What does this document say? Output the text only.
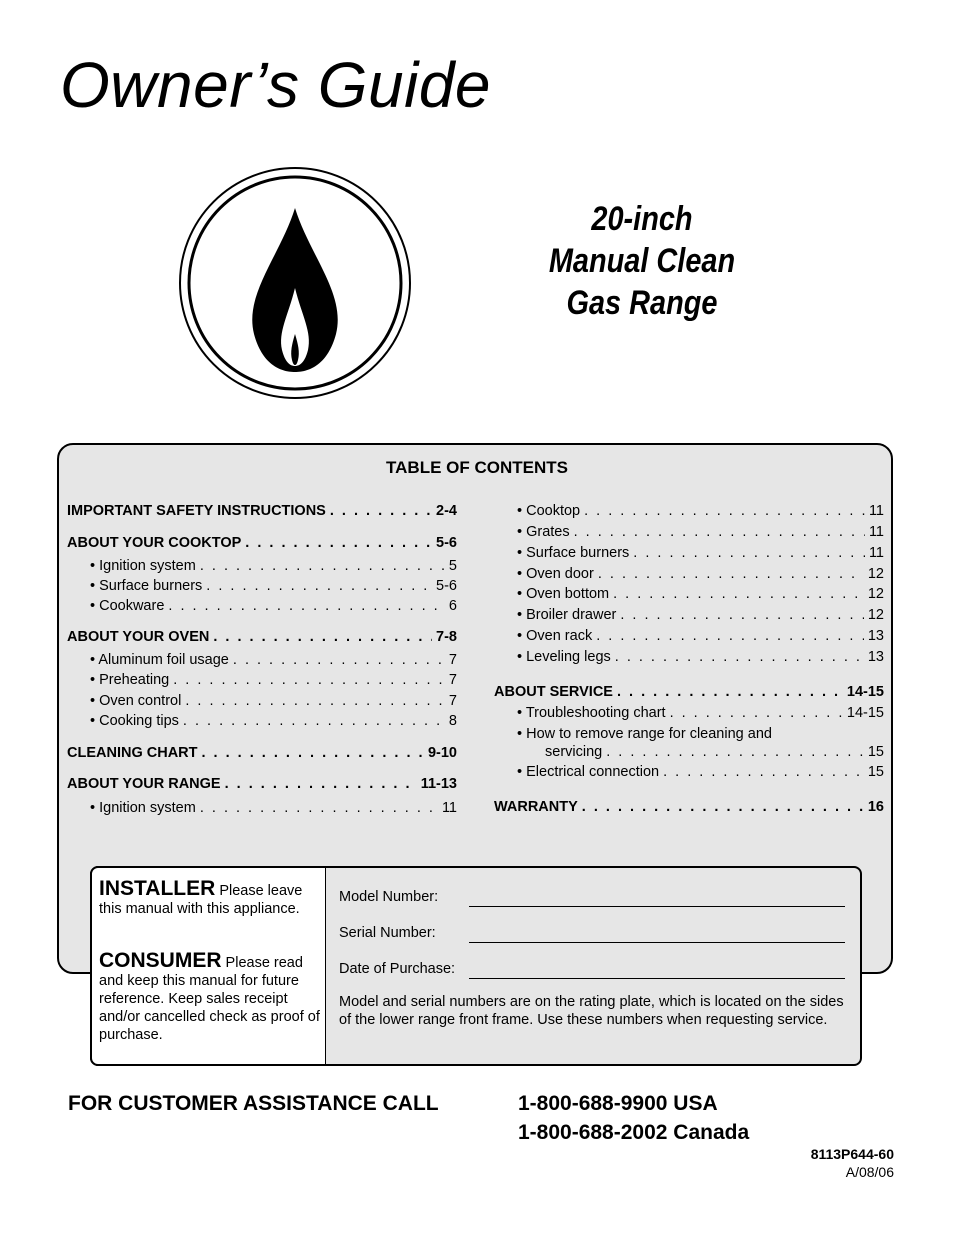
Owner’s Guide
20-inch
Manual Clean
Gas Range
TABLE OF CONTENTS
IMPORTANT SAFETY INSTRUCTIONS . . .	2-4
ABOUT YOUR COOKTOP . . .	5-6
• Ignition system . . .	5
• Surface burners . . .	5-6
• Cookware . . .	6
ABOUT YOUR OVEN . . .	7-8
• Aluminum foil usage . . .	7
• Preheating . . .	7
• Oven control . . .	7
• Cooking tips . . .	8
CLEANING CHART . . .	9-10
ABOUT YOUR RANGE . . .	11-13
• Ignition system . . .	11
• Cooktop . . .	11
• Grates . . .	11
• Surface burners . . .	11
• Oven door . . .	12
• Oven bottom . . .	12
• Broiler drawer . . .	12
• Oven rack . . .	13
• Leveling legs . . .	13
ABOUT SERVICE . . .	14-15
• Troubleshooting chart . . .	14-15
• How to remove range for cleaning and
servicing . . .	15
• Electrical connection . . .	15
WARRANTY . . .	16
INSTALLER Please leave this manual with this appliance.
CONSUMER Please read and keep this manual for future reference. Keep sales receipt and/or cancelled check as proof of purchase.
Model Number:
Serial Number:
Date of Purchase:
Model and serial numbers are on the rating plate, which is located on the sides of the lower range front frame. Use these numbers when requesting service.
FOR CUSTOMER ASSISTANCE CALL	1-800-688-9900 USA
1-800-688-2002 Canada
8113P644-60
A/08/06
